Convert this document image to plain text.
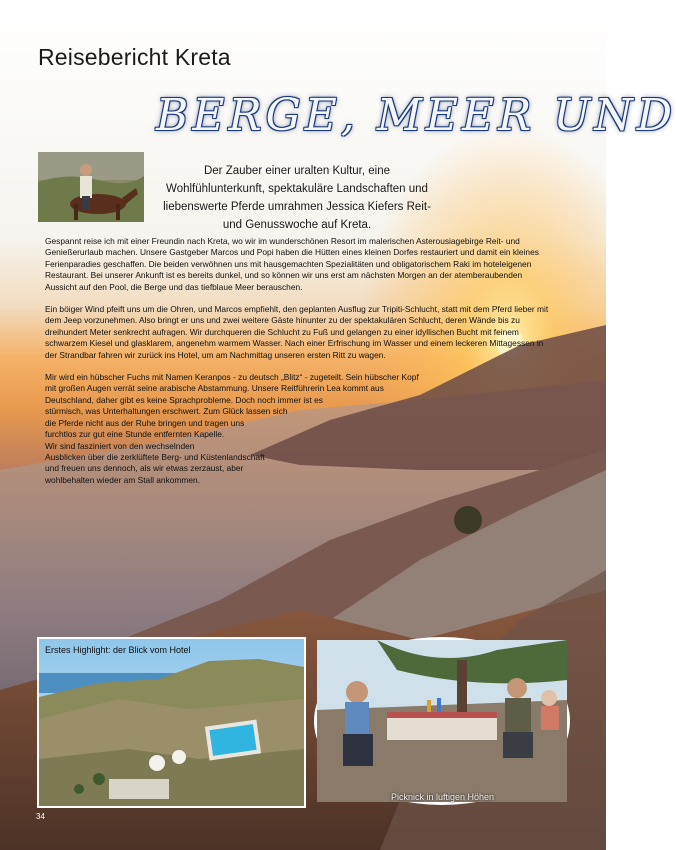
Reisebericht Kreta
BERGE, MEER UND

Der Zauber einer uralten Kultur, eine Wohlfühlunterkunft, spektakuläre Landschaften und liebenswerte Pferde umrahmen Jessica Kiefers Reit- und Genusswoche auf Kreta.

Gespannt reise ich mit einer Freundin nach Kreta, wo wir im wunderschönen Resort im malerischen Asterousiagebirge Reit- und Genießerurlaub machen. Unsere Gastgeber Marcos und Popi haben die Hütten eines kleinen Dorfes restauriert und damit ein kleines Ferienparadies geschaffen. Die beiden verwöhnen uns mit hausgemachten Spezialitäten und obligatorischem Raki im hoteleigenen Restaurant. Bei unserer Ankunft ist es bereits dunkel, und so können wir uns erst am nächsten Morgen an der atemberaubenden Aussicht auf den Pool, die Berge und das tiefblaue Meer berauschen.

Ein böiger Wind pfeift uns um die Ohren, und Marcos empfiehlt, den geplanten Ausflug zur Tripiti-Schlucht, statt mit dem Pferd lieber mit dem Jeep vorzunehmen. Also bringt er uns und zwei weitere Gäste hinunter zu der spektakulären Schlucht, deren Wände bis zu dreihundert Meter senkrecht aufragen. Wir durchqueren die Schlucht zu Fuß und gelangen zu einer idyllischen Bucht mit feinem schwarzem Kiesel und glasklarem, angenehm warmem Wasser. Nach einer Erfrischung im Wasser und einem leckeren Mittagessen in der Strandbar fahren wir zurück ins Hotel, um am Nachmittag unseren ersten Ritt zu wagen.

Mir wird ein hübscher Fuchs mit Namen Keranpos - zu deutsch „Blitz“ - zugeteilt. Sein hübscher Kopf
mit großen Augen verrät seine arabische Abstammung. Unsere Reitführerin Lea kommt aus
Deutschland, daher gibt es keine Sprachprobleme. Doch noch immer ist es
stürmisch, was Unterhaltungen erschwert. Zum Glück lassen sich
die Pferde nicht aus der Ruhe bringen und tragen uns
furchtlos zur gut eine Stunde entfernten Kapelle.
Wir sind fasziniert von den wechselnden
Ausblicken über die zerklüftete Berg- und Küstenlandschaft
und freuen uns dennoch, als wir etwas zerzaust, aber
wohlbehalten wieder am Stall ankommen.

Erstes Highlight: der Blick vom Hotel
Picknick in luftigen Höhen
34
